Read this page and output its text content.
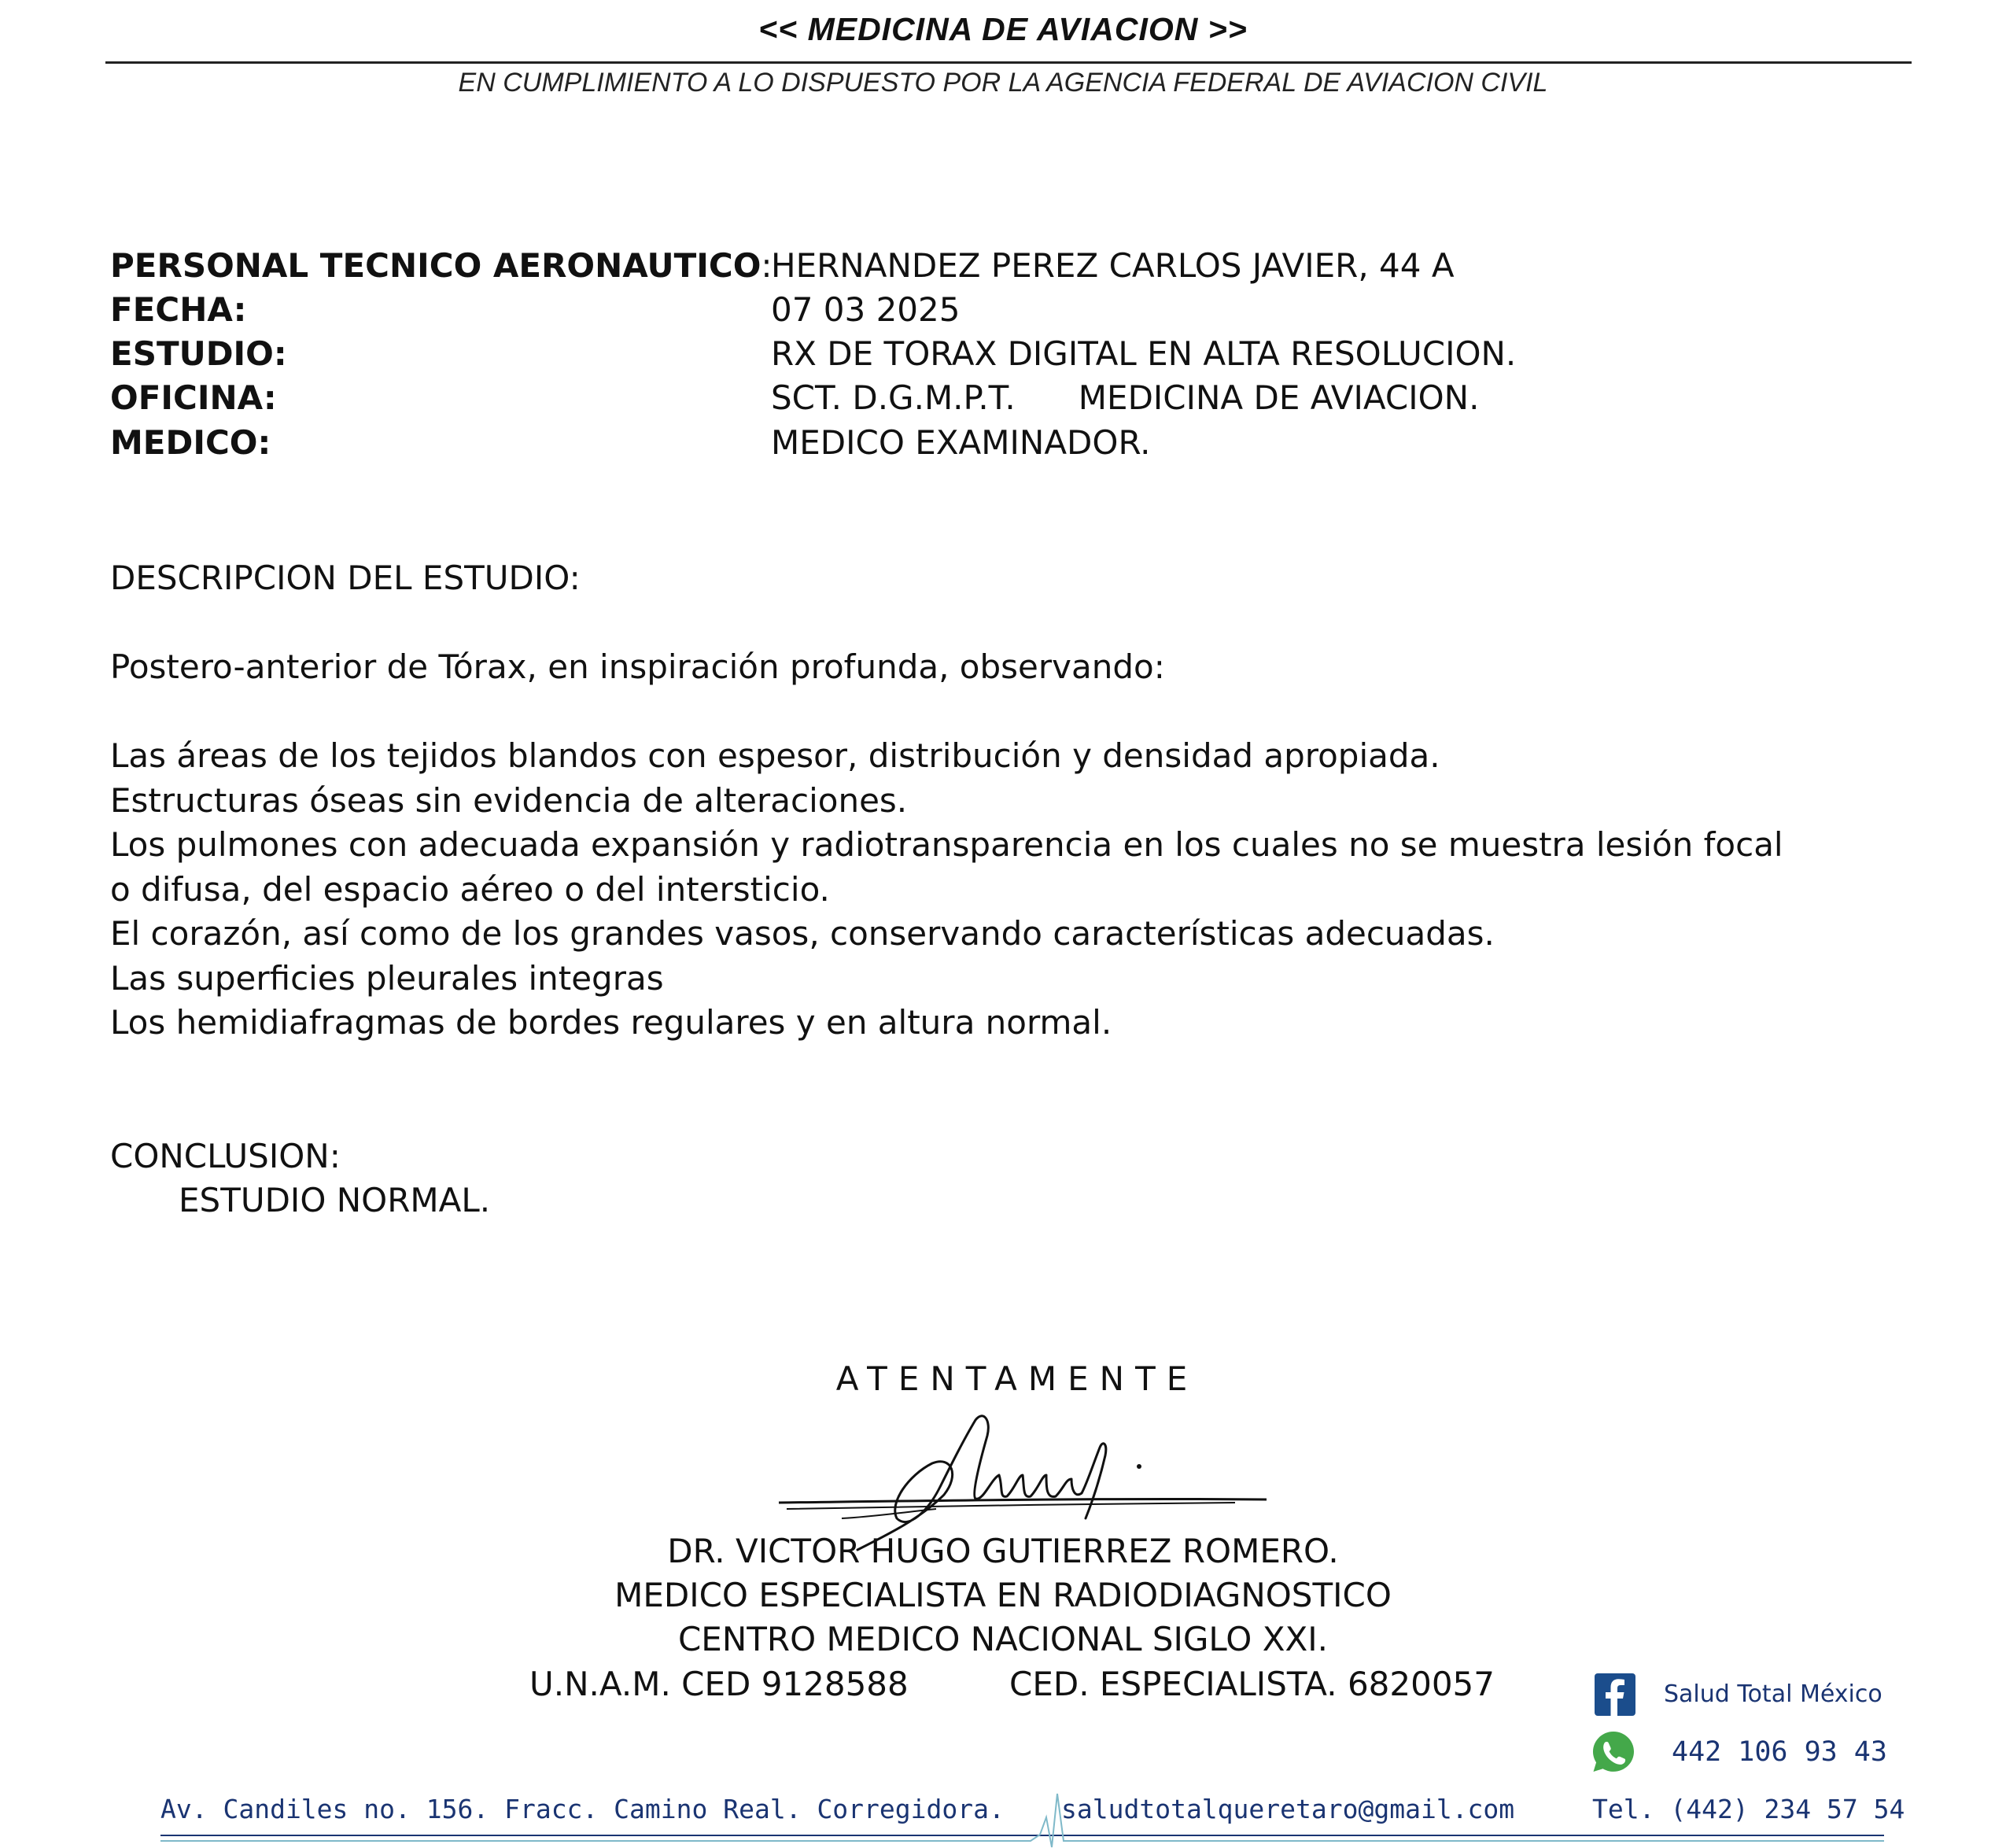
<< MEDICINA DE AVIACION >>
EN CUMPLIMIENTO A LO DISPUESTO POR LA AGENCIA FEDERAL DE AVIACION CIVIL
PERSONAL TECNICO AERONAUTICO:
HERNANDEZ PEREZ CARLOS JAVIER, 44 A
FECHA:	07 03 2025
ESTUDIO:	RX DE TORAX DIGITAL EN ALTA RESOLUCION.
OFICINA:	SCT. D.G.M.P.T.      MEDICINA DE AVIACION.
MEDICO:	MEDICO EXAMINADOR.
DESCRIPCION DEL ESTUDIO:
Postero-anterior de Tórax, en inspiración profunda, observando:
Las áreas de los tejidos blandos con espesor, distribución y densidad apropiada.
Estructuras óseas sin evidencia de alteraciones.
Los pulmones con adecuada expansión y radiotransparencia en los cuales no se muestra lesión focal
o difusa, del espacio aéreo o del intersticio.
El corazón, así como de los grandes vasos, conservando características adecuadas.
Las superficies pleurales integras
Los hemidiafragmas de bordes regulares y en altura normal.
CONCLUSION:
ESTUDIO NORMAL.
ATENTAMENTE
DR. VICTOR HUGO GUTIERREZ ROMERO.
MEDICO ESPECIALISTA EN RADIODIAGNOSTICO
CENTRO MEDICO NACIONAL SIGLO XXI.
U.N.A.M. CED 9128588	CED. ESPECIALISTA. 6820057	Salud Total México
442 106 93 43
Av. Candiles no. 156. Fracc. Camino Real. Corregidora. saludtotalqueretaro@gmail.com	Tel. (442) 234 57 54
